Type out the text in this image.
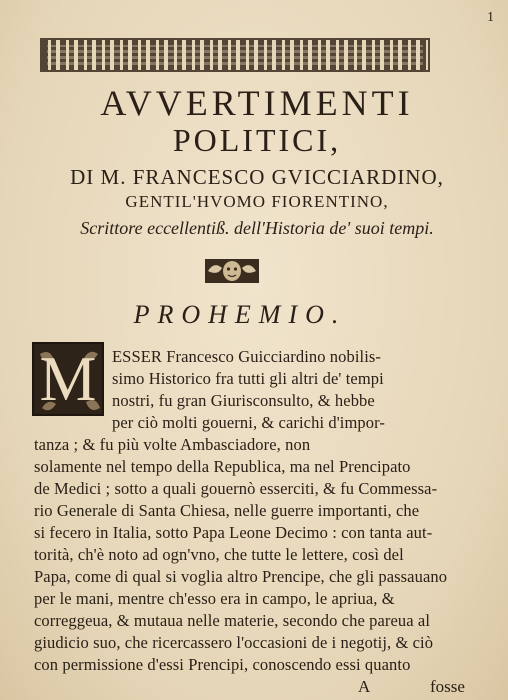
1
AVVERTIMENTI
POLITICI,
DI M. FRANCESCO GVICCIARDINO,
GENTIL'HVOMO FIORENTINO,
Scrittore eccellentiß. dell'Historia de' suoi tempi.
PROHEMIO.
M ESSER Francesco Guicciardino nobilis-
simo Historico fra tutti gli altri de' tempi
nostri, fu gran Giurisconsulto, & hebbe
per ciò molti gouerni, & carichi d'impor-
tanza ; & fu più volte Ambasciadore, non
solamente nel tempo della Republica, ma nel Prencipato
de Medici ; sotto a quali gouernò esserciti, & fu Commessa-
rio Generale di Santa Chiesa, nelle guerre importanti, che
si fecero in Italia, sotto Papa Leone Decimo : con tanta aut-
torità, ch'è noto ad ogn'vno, che tutte le lettere, così del
Papa, come di qual si voglia altro Prencipe, che gli passauano
per le mani, mentre ch'esso era in campo, le apriua, &
correggeua, & mutaua nelle materie, secondo che pareua al
giudicio suo, che ricercassero l'occasioni de i negotij, & ciò
con permissione d'essi Prencipi, conoscendo essi quanto
A	fosse
